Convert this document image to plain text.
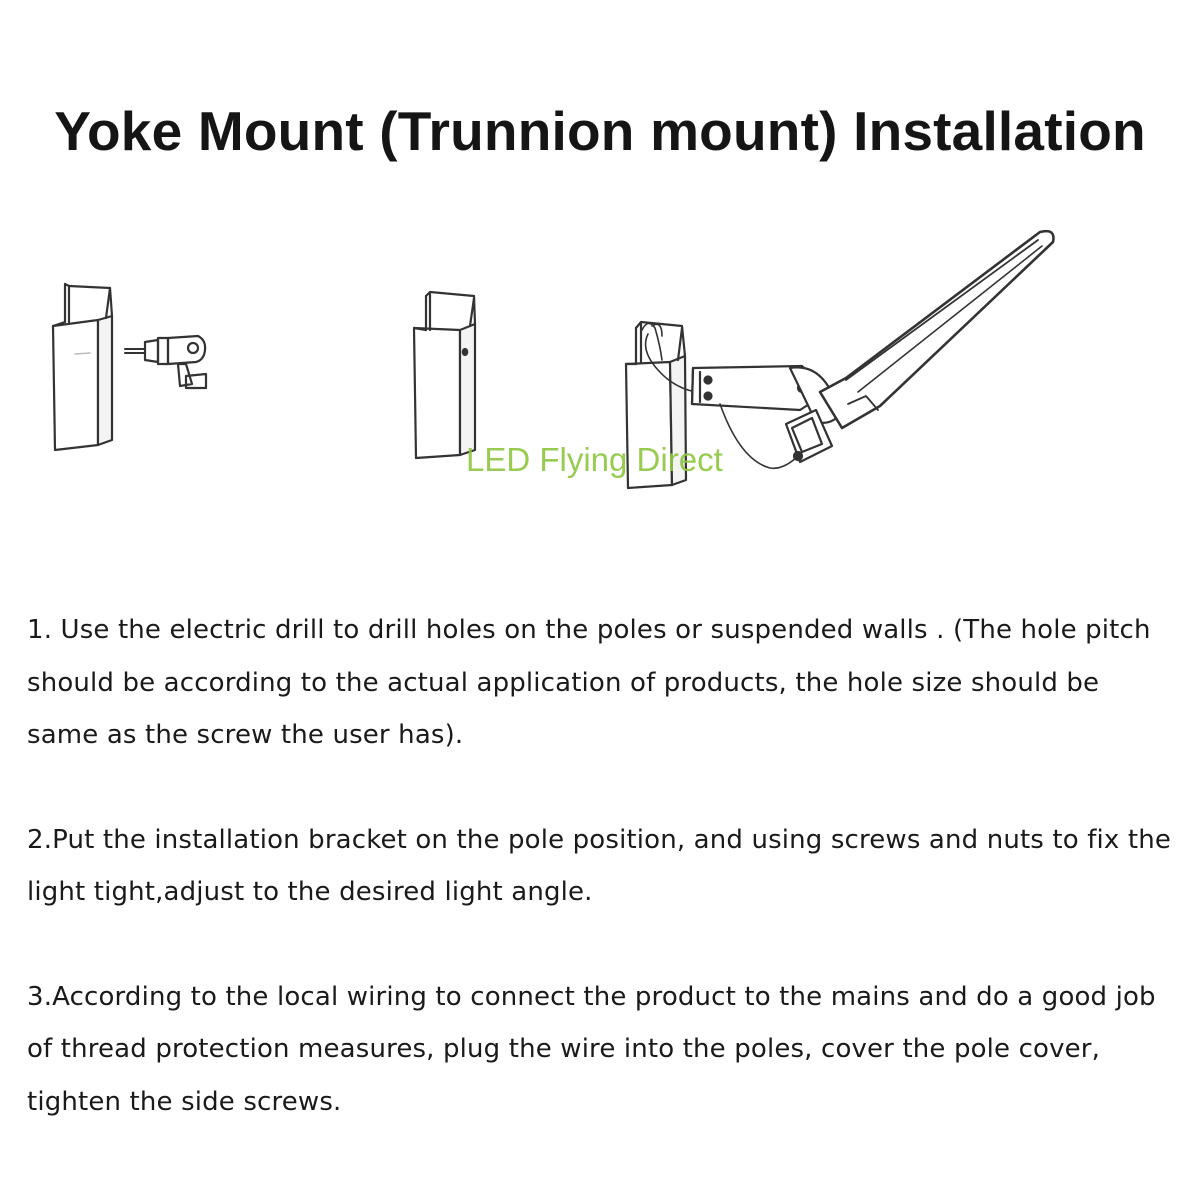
Yoke Mount (Trunnion mount) Installation
LED Flying Direct

1. Use the electric drill to drill holes on the poles or suspended walls . (The hole pitch should be according to the actual application of products, the hole size should be same as the screw the user has).

2.Put the installation bracket on the pole position, and using screws and nuts to fix the light tight,adjust to the desired light angle.

3.According to the local wiring to connect the product to the mains and do a good job of thread protection measures, plug the wire into the poles, cover the pole cover, tighten the side screws.
